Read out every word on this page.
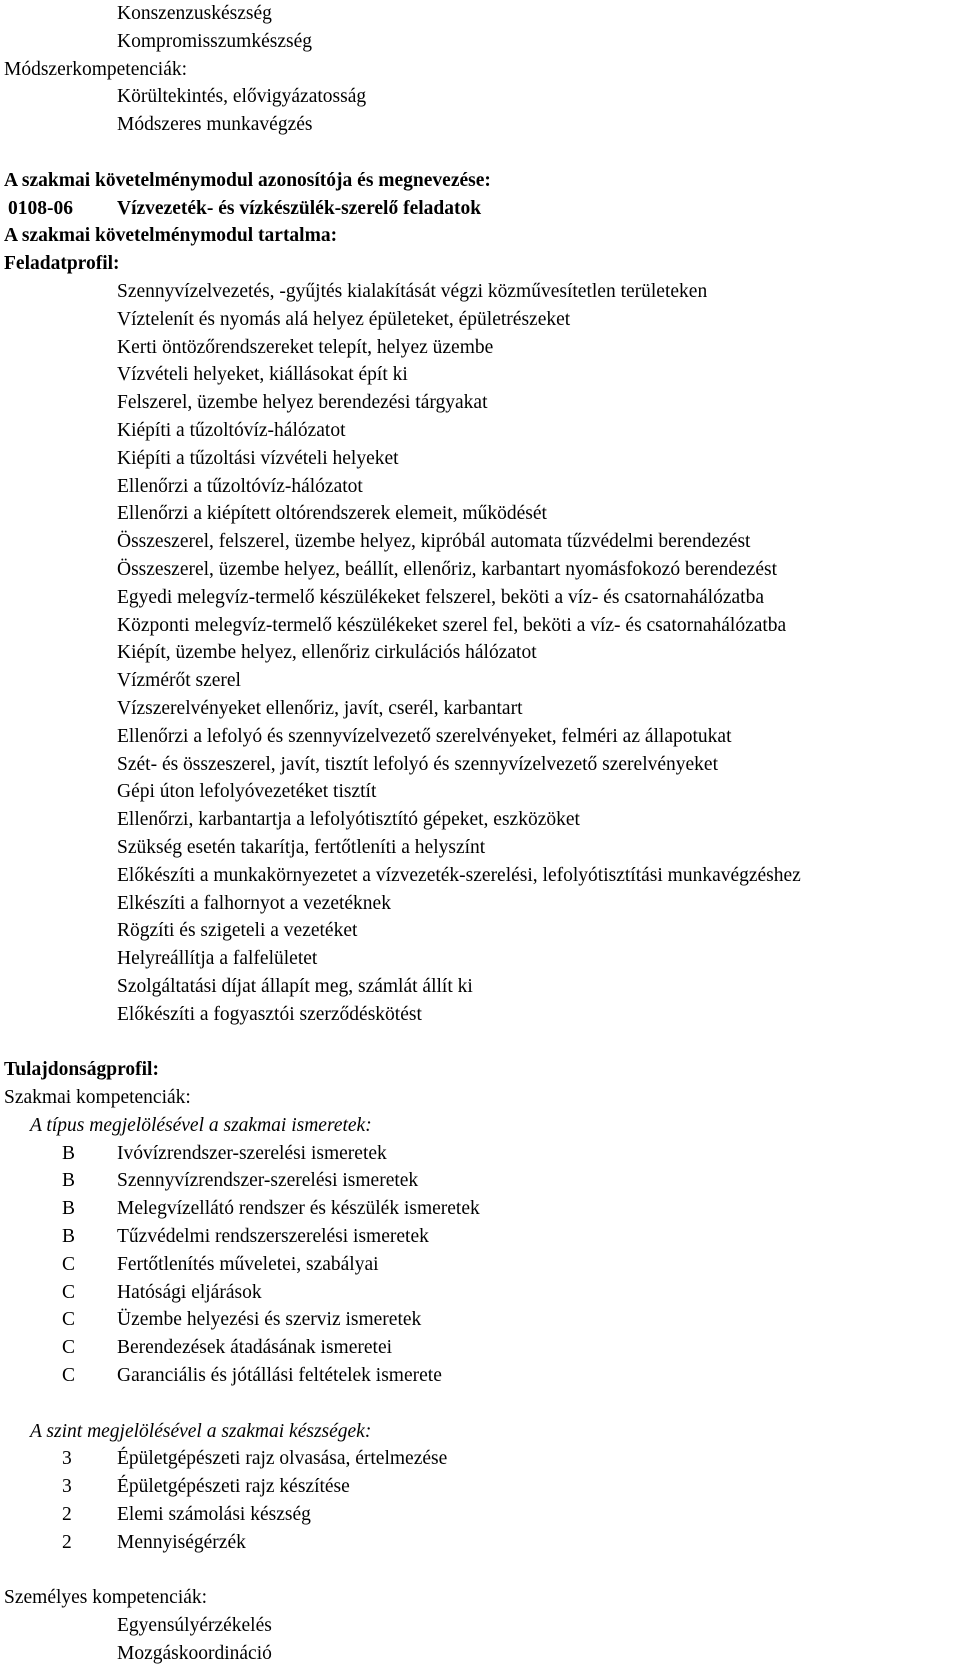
Konszenzuskészség
Kompromisszumkészség
Módszerkompetenciák:
Körültekintés, elővigyázatosság
Módszeres munkavégzés
A szakmai követelménymodul azonosítója és megnevezése:
0108-06 Vízvezeték- és vízkészülék-szerelő feladatok
A szakmai követelménymodul tartalma:
Feladatprofil:
Szennyvízelvezetés, -gyűjtés kialakítását végzi közművesítetlen területeken
Víztelenít és nyomás alá helyez épületeket, épületrészeket
Kerti öntözőrendszereket telepít, helyez üzembe
Vízvételi helyeket, kiállásokat épít ki
Felszerel, üzembe helyez berendezési tárgyakat
Kiépíti a tűzoltóvíz-hálózatot
Kiépíti a tűzoltási vízvételi helyeket
Ellenőrzi a tűzoltóvíz-hálózatot
Ellenőrzi a kiépített oltórendszerek elemeit, működését
Összeszerel, felszerel, üzembe helyez, kipróbál automata tűzvédelmi berendezést
Összeszerel, üzembe helyez, beállít, ellenőriz, karbantart nyomásfokozó berendezést
Egyedi melegvíz-termelő készülékeket felszerel, beköti a víz- és csatornahálózatba
Központi melegvíz-termelő készülékeket szerel fel, beköti a víz- és csatornahálózatba
Kiépít, üzembe helyez, ellenőriz cirkulációs hálózatot
Vízmérőt szerel
Vízszerelvényeket ellenőriz, javít, cserél, karbantart
Ellenőrzi a lefolyó és szennyvízelvezető szerelvényeket, felméri az állapotukat
Szét- és összeszerel, javít, tisztít lefolyó és szennyvízelvezető szerelvényeket
Gépi úton lefolyóvezetéket tisztít
Ellenőrzi, karbantartja a lefolyótisztító gépeket, eszközöket
Szükség esetén takarítja, fertőtleníti a helyszínt
Előkészíti a munkakörnyezetet a vízvezeték-szerelési, lefolyótisztítási munkavégzéshez
Elkészíti a falhornyot a vezetéknek
Rögzíti és szigeteli a vezetéket
Helyreállítja a falfelületet
Szolgáltatási díjat állapít meg, számlát állít ki
Előkészíti a fogyasztói szerződéskötést
Tulajdonságprofil:
Szakmai kompetenciák:
A típus megjelölésével a szakmai ismeretek:
B Ivóvízrendszer-szerelési ismeretek
B Szennyvízrendszer-szerelési ismeretek
B Melegvízellátó rendszer és készülék ismeretek
B Tűzvédelmi rendszerszerelési ismeretek
C Fertőtlenítés műveletei, szabályai
C Hatósági eljárások
C Üzembe helyezési és szerviz ismeretek
C Berendezések átadásának ismeretei
C Garanciális és jótállási feltételek ismerete
A szint megjelölésével a szakmai készségek:
3 Épületgépészeti rajz olvasása, értelmezése
3 Épületgépészeti rajz készítése
2 Elemi számolási készség
2 Mennyiségérzék
Személyes kompetenciák:
Egyensúlyérzékelés
Mozgáskoordináció
